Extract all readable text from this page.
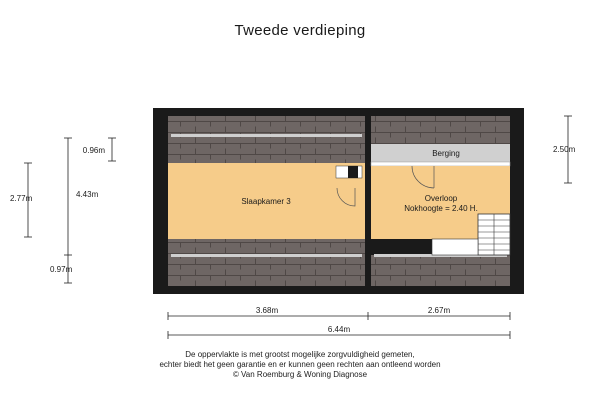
Tweede verdieping
Slaapkamer 3
Berging
Overloop
Nokhoogte = 2.40 H.
0.96m
4.43m
2.77m
0.97m
2.50m
3.68m	2.67m
6.44m
De oppervlakte is met grootst mogelijke zorgvuldigheid gemeten,
echter biedt het geen garantie en er kunnen geen rechten aan ontleend worden
© Van Roemburg & Woning Diagnose
